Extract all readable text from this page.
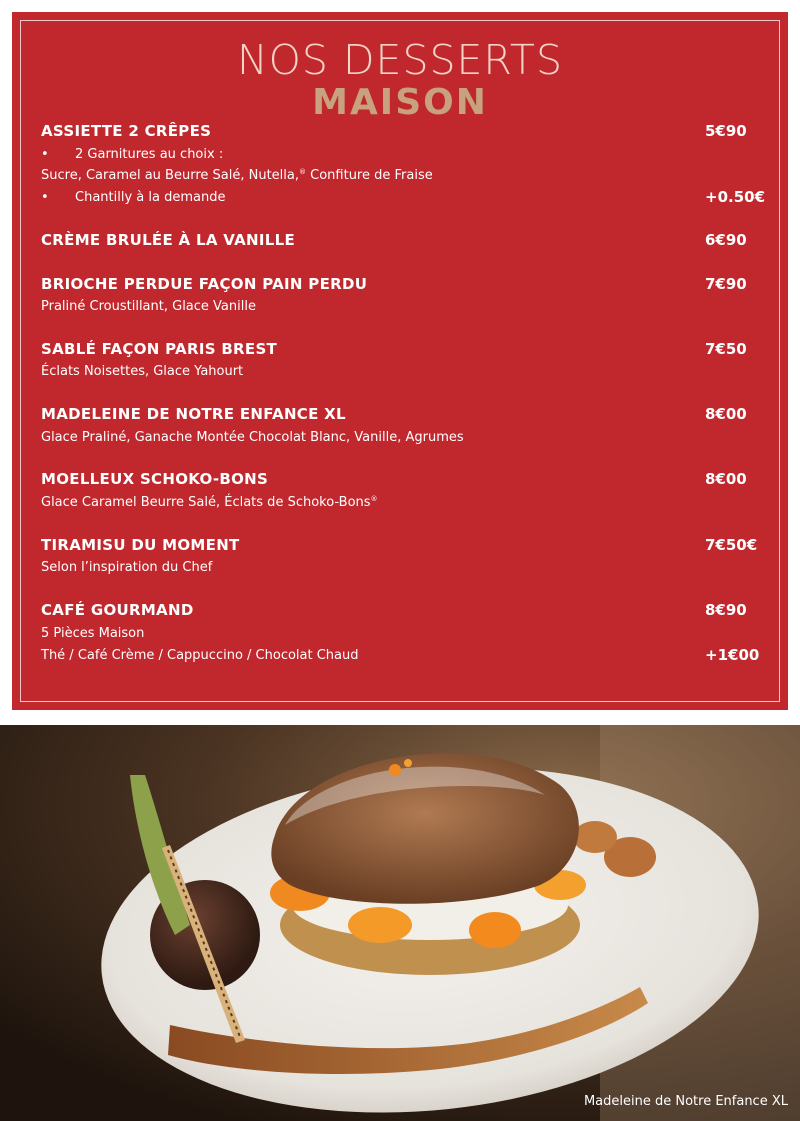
NOS DESSERTS
MAISON
ASSIETTE 2 CRÊPES	5€90
• 2 Garnitures au choix :
Sucre, Caramel au Beurre Salé, Nutella,® Confiture de Fraise
• Chantilly à la demande	+0.50€
CRÈME BRULÉE À LA VANILLE	6€90
BRIOCHE PERDUE FAÇON PAIN PERDU	7€90
Praliné Croustillant, Glace Vanille
SABLÉ FAÇON PARIS BREST	7€50
Éclats Noisettes, Glace Yahourt
MADELEINE DE NOTRE ENFANCE XL	8€00
Glace Praliné, Ganache Montée Chocolat Blanc, Vanille, Agrumes
MOELLEUX SCHOKO-BONS	8€00
Glace Caramel Beurre Salé, Éclats de Schoko-Bons®
TIRAMISU DU MOMENT	7€50€
Selon l’inspiration du Chef
CAFÉ GOURMAND	8€90
5 Pièces Maison
Thé / Café Crème / Cappuccino / Chocolat Chaud	+1€00
Madeleine de Notre Enfance XL
